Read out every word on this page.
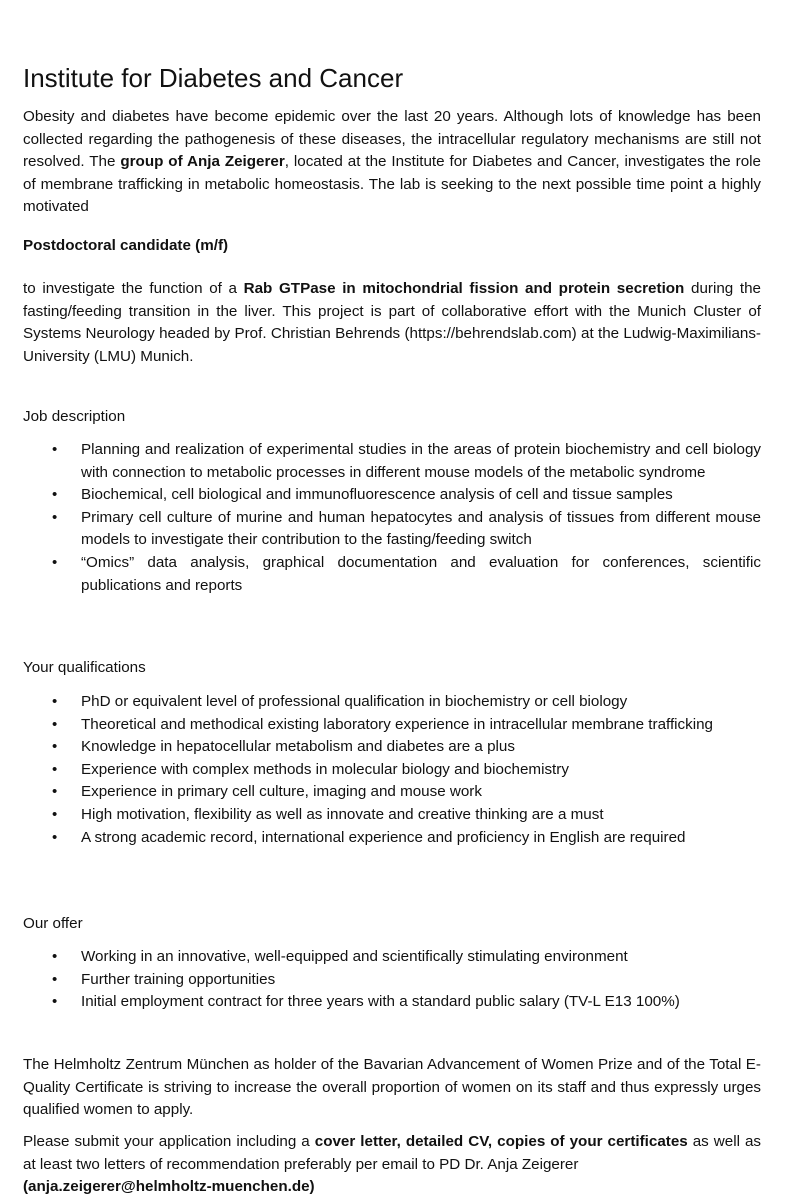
Institute for Diabetes and Cancer

Obesity and diabetes have become epidemic over the last 20 years. Although lots of knowledge has been collected regarding the pathogenesis of these diseases, the intracellular regulatory mechanisms are still not resolved. The group of Anja Zeigerer, located at the Institute for Diabetes and Cancer, investigates the role of membrane trafficking in metabolic homeostasis. The lab is seeking to the next possible time point a highly motivated

Postdoctoral candidate (m/f)

to investigate the function of a Rab GTPase in mitochondrial fission and protein secretion during the fasting/feeding transition in the liver. This project is part of collaborative effort with the Munich Cluster of Systems Neurology headed by Prof. Christian Behrends (https://behrendslab.com) at the Ludwig-Maximilians-University (LMU) Munich.

Job description

• Planning and realization of experimental studies in the areas of protein biochemistry and cell biology with connection to metabolic processes in different mouse models of the metabolic syndrome
• Biochemical, cell biological and immunofluorescence analysis of cell and tissue samples
• Primary cell culture of murine and human hepatocytes and analysis of tissues from different mouse models to investigate their contribution to the fasting/feeding switch
• “Omics” data analysis, graphical documentation and evaluation for conferences, scientific publications and reports

Your qualifications

• PhD or equivalent level of professional qualification in biochemistry or cell biology
• Theoretical and methodical existing laboratory experience in intracellular membrane trafficking
• Knowledge in hepatocellular metabolism and diabetes are a plus
• Experience with complex methods in molecular biology and biochemistry
• Experience in primary cell culture, imaging and mouse work
• High motivation, flexibility as well as innovate and creative thinking are a must
• A strong academic record, international experience and proficiency in English are required

Our offer

• Working in an innovative, well-equipped and scientifically stimulating environment
• Further training opportunities
• Initial employment contract for three years with a standard public salary (TV-L E13 100%)

The Helmholtz Zentrum München as holder of the Bavarian Advancement of Women Prize and of the Total E-Quality Certificate is striving to increase the overall proportion of women on its staff and thus expressly urges qualified women to apply.

Please submit your application including a cover letter, detailed CV, copies of your certificates as well as at least two letters of recommendation preferably per email to PD Dr. Anja Zeigerer
(anja.zeigerer@helmholtz-muenchen.de)
